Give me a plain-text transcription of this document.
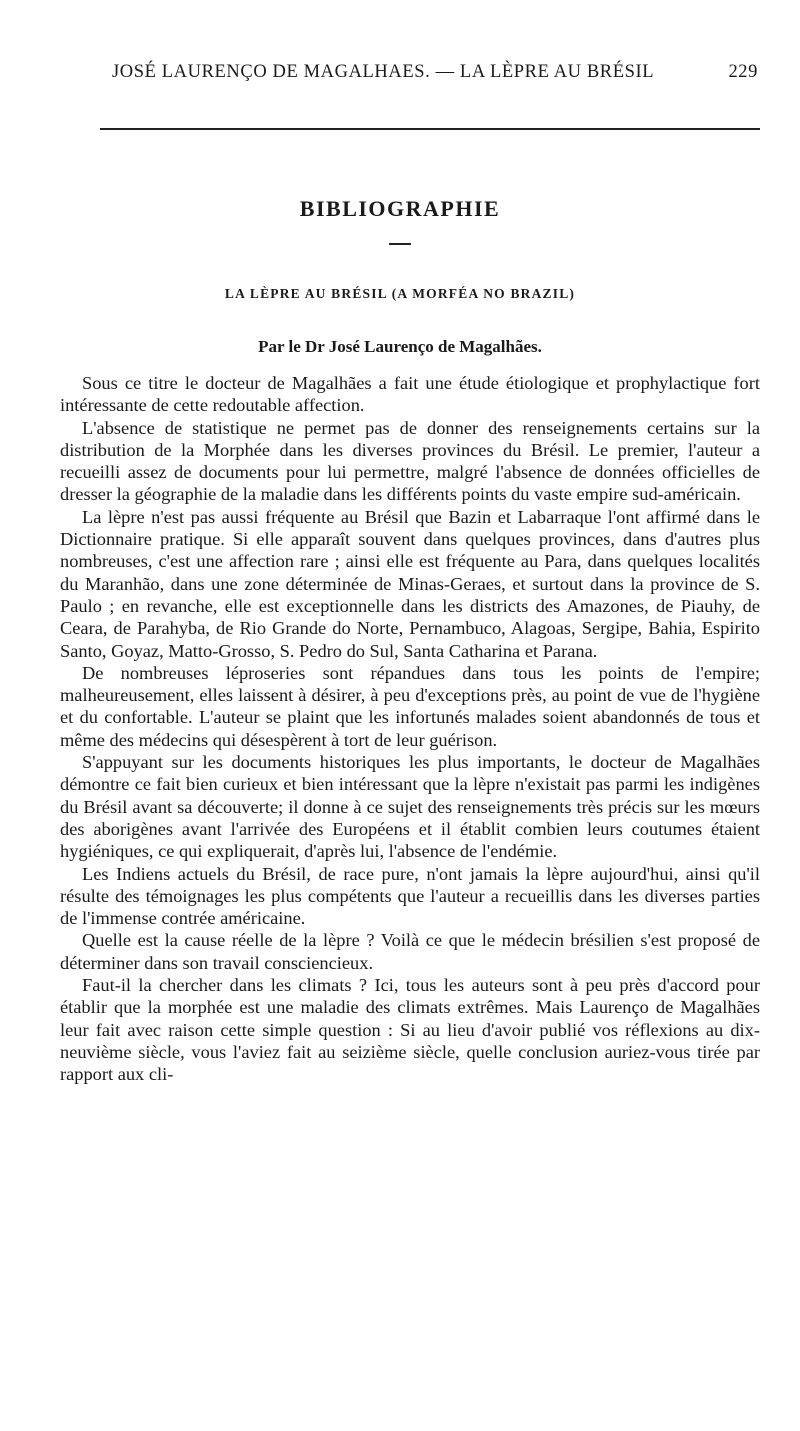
JOSÉ LAURENÇO DE MAGALHAES. — LA LÈPRE AU BRÉSIL	229
BIBLIOGRAPHIE
LA LÈPRE AU BRÉSIL (A MORFÉA NO BRAZIL)
Par le Dr José Laurenço de Magalhães.

Sous ce titre le docteur de Magalhães a fait une étude étiologique et prophylactique fort intéressante de cette redoutable affection.

L'absence de statistique ne permet pas de donner des renseignements certains sur la distribution de la Morphée dans les diverses provinces du Brésil. Le premier, l'auteur a recueilli assez de documents pour lui permettre, malgré l'absence de données officielles de dresser la géographie de la maladie dans les différents points du vaste empire sud-américain.

La lèpre n'est pas aussi fréquente au Brésil que Bazin et Labarraque l'ont affirmé dans le Dictionnaire pratique. Si elle apparaît souvent dans quelques provinces, dans d'autres plus nombreuses, c'est une affection rare ; ainsi elle est fréquente au Para, dans quelques localités du Maranhão, dans une zone déterminée de Minas-Geraes, et surtout dans la province de S. Paulo ; en revanche, elle est exceptionnelle dans les districts des Amazones, de Piauhy, de Ceara, de Parahyba, de Rio Grande do Norte, Pernambuco, Alagoas, Sergipe, Bahia, Espirito Santo, Goyaz, Matto-Grosso, S. Pedro do Sul, Santa Catharina et Parana.

De nombreuses léproseries sont répandues dans tous les points de l'empire; malheureusement, elles laissent à désirer, à peu d'exceptions près, au point de vue de l'hygiène et du confortable. L'auteur se plaint que les infortunés malades soient abandonnés de tous et même des médecins qui désespèrent à tort de leur guérison.

S'appuyant sur les documents historiques les plus importants, le docteur de Magalhães démontre ce fait bien curieux et bien intéressant que la lèpre n'existait pas parmi les indigènes du Brésil avant sa découverte; il donne à ce sujet des renseignements très précis sur les mœurs des aborigènes avant l'arrivée des Européens et il établit combien leurs coutumes étaient hygiéniques, ce qui expliquerait, d'après lui, l'absence de l'endémie.

Les Indiens actuels du Brésil, de race pure, n'ont jamais la lèpre aujourd'hui, ainsi qu'il résulte des témoignages les plus compétents que l'auteur a recueillis dans les diverses parties de l'immense contrée américaine.

Quelle est la cause réelle de la lèpre ? Voilà ce que le médecin brésilien s'est proposé de déterminer dans son travail consciencieux.

Faut-il la chercher dans les climats ? Ici, tous les auteurs sont à peu près d'accord pour établir que la morphée est une maladie des climats extrêmes. Mais Laurenço de Magalhães leur fait avec raison cette simple question : Si au lieu d'avoir publié vos réflexions au dix-neuvième siècle, vous l'aviez fait au seizième siècle, quelle conclusion auriez-vous tirée par rapport aux cli-
